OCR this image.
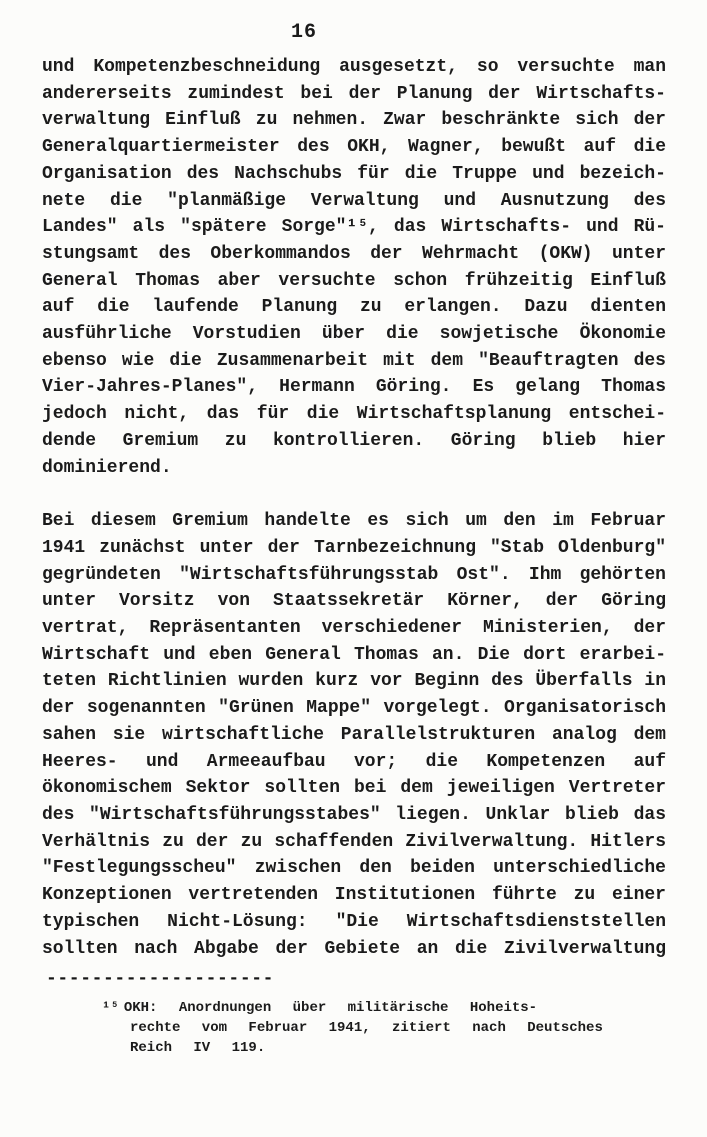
16
und Kompetenzbeschneidung ausgesetzt, so versuchte man
andererseits zumindest bei der Planung der Wirtschafts-
verwaltung Einfluß zu nehmen. Zwar beschränkte sich der
Generalquartiermeister des OKH, Wagner, bewußt auf die
Organisation des Nachschubs für die Truppe und bezeich-
nete die "planmäßige Verwaltung und Ausnutzung des
Landes" als "spätere Sorge"¹⁵, das Wirtschafts- und Rü-
stungsamt des Oberkommandos der Wehrmacht (OKW) unter
General Thomas aber versuchte schon frühzeitig Einfluß
auf die laufende Planung zu erlangen. Dazu dienten
ausführliche Vorstudien über die sowjetische Ökonomie
ebenso wie die Zusammenarbeit mit dem "Beauftragten des
Vier-Jahres-Planes", Hermann Göring. Es gelang Thomas
jedoch nicht, das für die Wirtschaftsplanung entschei-
dende Gremium zu kontrollieren. Göring blieb hier
dominierend.
Bei diesem Gremium handelte es sich um den im Februar
1941 zunächst unter der Tarnbezeichnung "Stab Oldenburg"
gegründeten "Wirtschaftsführungsstab Ost". Ihm gehörten
unter Vorsitz von Staatssekretär Körner, der Göring
vertrat, Repräsentanten verschiedener Ministerien, der
Wirtschaft und eben General Thomas an. Die dort erarbei-
teten Richtlinien wurden kurz vor Beginn des Überfalls in
der sogenannten "Grünen Mappe" vorgelegt. Organisatorisch
sahen sie wirtschaftliche Parallelstrukturen analog dem
Heeres- und Armeeaufbau vor; die Kompetenzen auf
ökonomischem Sektor sollten bei dem jeweiligen Vertreter
des "Wirtschaftsführungsstabes" liegen. Unklar blieb das
Verhältnis zu der zu schaffenden Zivilverwaltung. Hitlers
"Festlegungsscheu" zwischen den beiden unterschiedliche
Konzeptionen vertretenden Institutionen führte zu einer
typischen Nicht-Lösung: "Die Wirtschaftsdienststellen
sollten nach Abgabe der Gebiete an die Zivilverwaltung
--------------------
¹⁵ OKH: Anordnungen über militärische Hoheits-
rechte vom Februar 1941, zitiert nach Deutsches
Reich IV 119.
